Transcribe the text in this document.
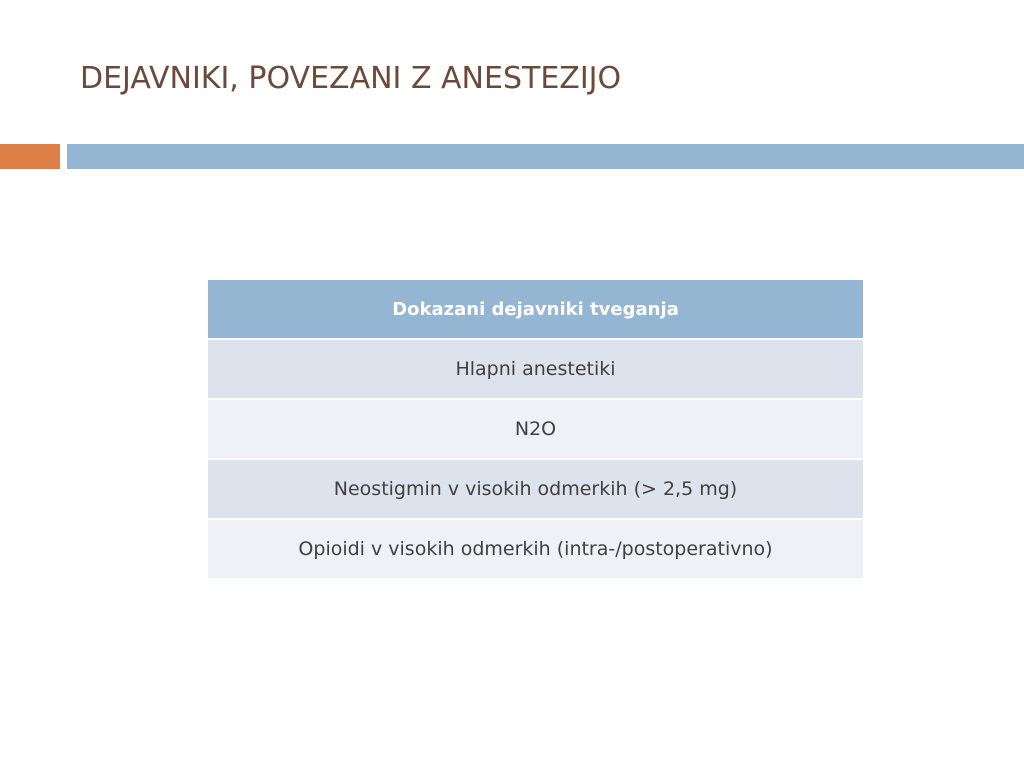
DEJAVNIKI, POVEZANI Z ANESTEZIJO
Dokazani dejavniki tveganja
Hlapni anestetiki
N2O
Neostigmin v visokih odmerkih (> 2,5 mg)
Opioidi v visokih odmerkih (intra-/postoperativno)
